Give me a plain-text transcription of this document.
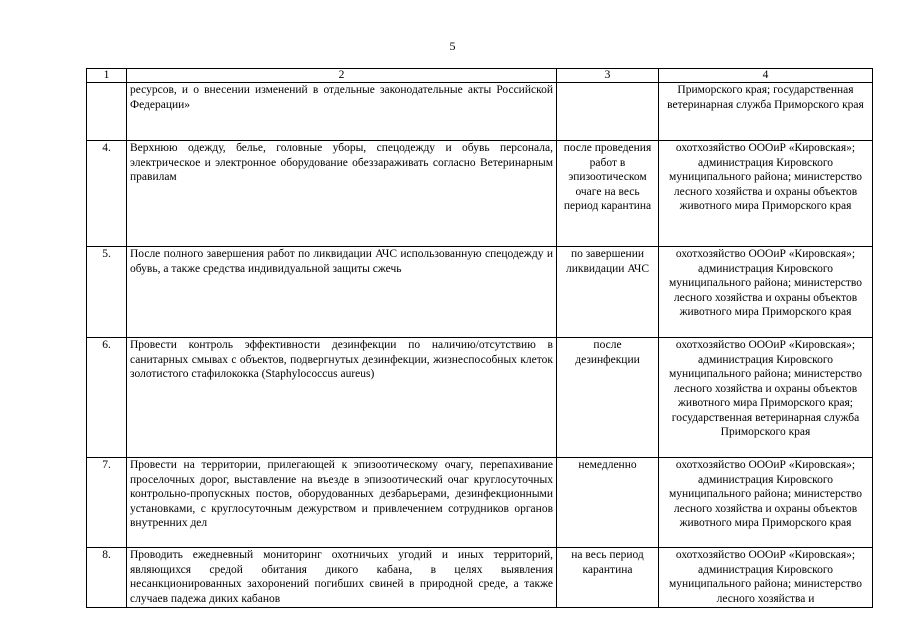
5
1	2	3	4
	ресурсов, и о внесении изменений в отдельные законодательные акты Российской Федерации»		Приморского края; государственная ветеринарная служба Приморского края
4.	Верхнюю одежду, белье, головные уборы, спецодежду и обувь персонала, электрическое и электронное оборудование обеззараживать согласно Ветеринарным правилам	после проведения работ в эпизоотическом очаге на весь период карантина	охотхозяйство ОООиР «Кировская»; администрация Кировского муниципального района; министерство лесного хозяйства и охраны объектов животного мира Приморского края
5.	После полного завершения работ по ликвидации АЧС использованную спецодежду и обувь, а также средства индивидуальной защиты сжечь	по завершении ликвидации АЧС	охотхозяйство ОООиР «Кировская»; администрация Кировского муниципального района; министерство лесного хозяйства и охраны объектов животного мира Приморского края
6.	Провести контроль эффективности дезинфекции по наличию/отсутствию в санитарных смывах с объектов, подвергнутых дезинфекции, жизнеспособных клеток золотистого стафилококка (Staphylococcus aureus)	после дезинфекции	охотхозяйство ОООиР «Кировская»; администрация Кировского муниципального района; министерство лесного хозяйства и охраны объектов животного мира Приморского края; государственная ветеринарная служба Приморского края
7.	Провести на территории, прилегающей к эпизоотическому очагу, перепахивание проселочных дорог, выставление на въезде в эпизоотический очаг круглосуточных контрольно-пропускных постов, оборудованных дезбарьерами, дезинфекционными установками, с круглосуточным дежурством и привлечением сотрудников органов внутренних дел	немедленно	охотхозяйство ОООиР «Кировская»; администрация Кировского муниципального района; министерство лесного хозяйства и охраны объектов животного мира Приморского края
8.	Проводить ежедневный мониторинг охотничьих угодий и иных территорий, являющихся средой обитания дикого кабана, в целях выявления несанкционированных захоронений погибших свиней в природной среде, а также случаев падежа диких кабанов	на весь период карантина	охотхозяйство ОООиР «Кировская»; администрация Кировского муниципального района; министерство лесного хозяйства и
